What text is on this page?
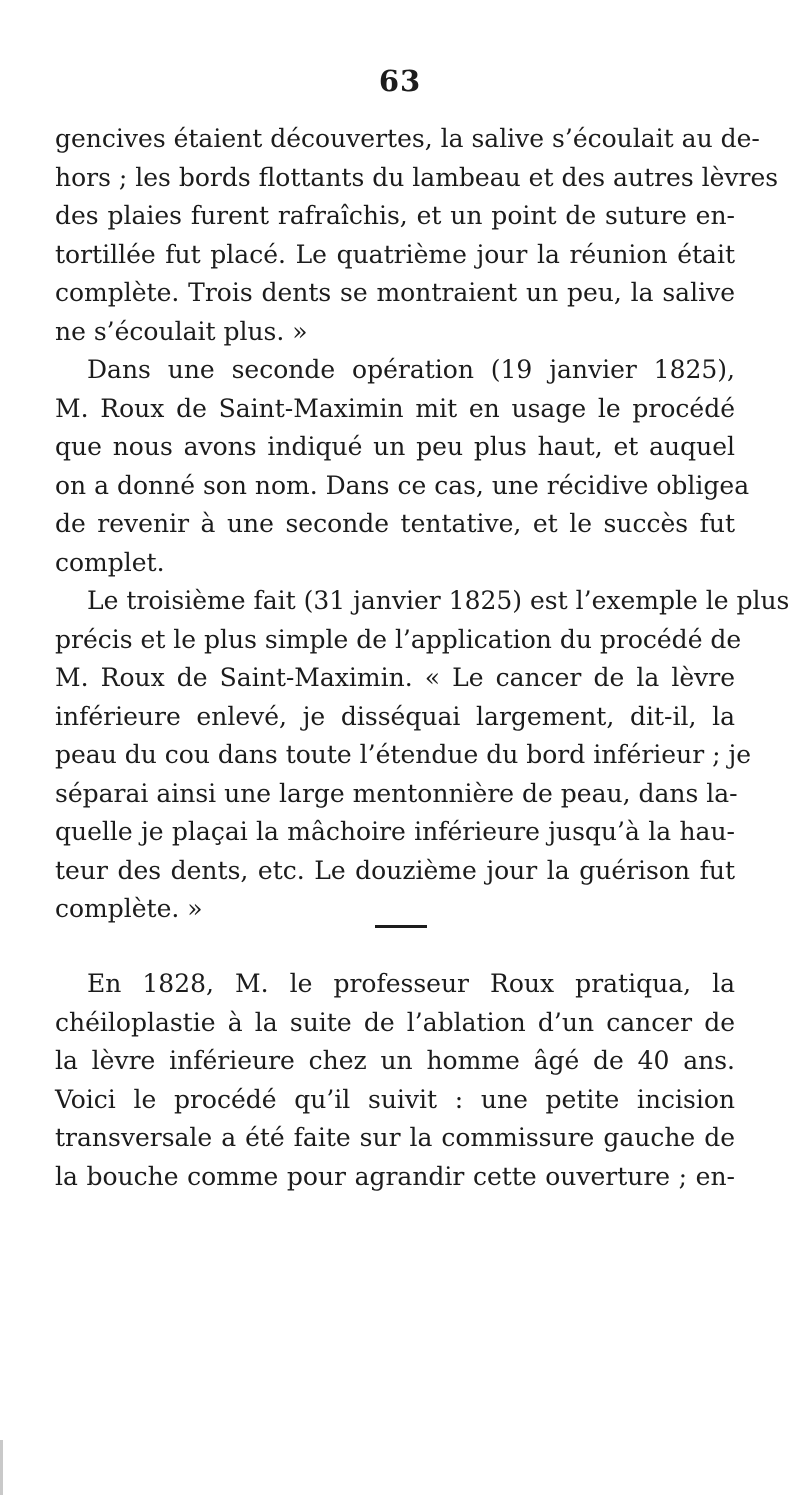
63
gencives étaient découvertes, la salive s’écoulait au de-
hors ; les bords flottants du lambeau et des autres lèvres
des plaies furent rafraîchis, et un point de suture en-
tortillée fut placé. Le quatrième jour la réunion était
complète. Trois dents se montraient un peu, la salive
ne s’écoulait plus. »
Dans une seconde opération (19 janvier 1825),
M. Roux de Saint-Maximin mit en usage le procédé
que nous avons indiqué un peu plus haut, et auquel
on a donné son nom. Dans ce cas, une récidive obligea
de revenir à une seconde tentative, et le succès fut
complet.
Le troisième fait (31 janvier 1825) est l’exemple le plus
précis et le plus simple de l’application du procédé de
M. Roux de Saint-Maximin. « Le cancer de la lèvre
inférieure enlevé, je disséquai largement, dit-il, la
peau du cou dans toute l’étendue du bord inférieur ; je
séparai ainsi une large mentonnière de peau, dans la-
quelle je plaçai la mâchoire inférieure jusqu’à la hau-
teur des dents, etc. Le douzième jour la guérison fut
complète. »
En 1828, M. le professeur Roux pratiqua, la
chéiloplastie à la suite de l’ablation d’un cancer de
la lèvre inférieure chez un homme âgé de 40 ans.
Voici le procédé qu’il suivit : une petite incision
transversale a été faite sur la commissure gauche de
la bouche comme pour agrandir cette ouverture ; en-
